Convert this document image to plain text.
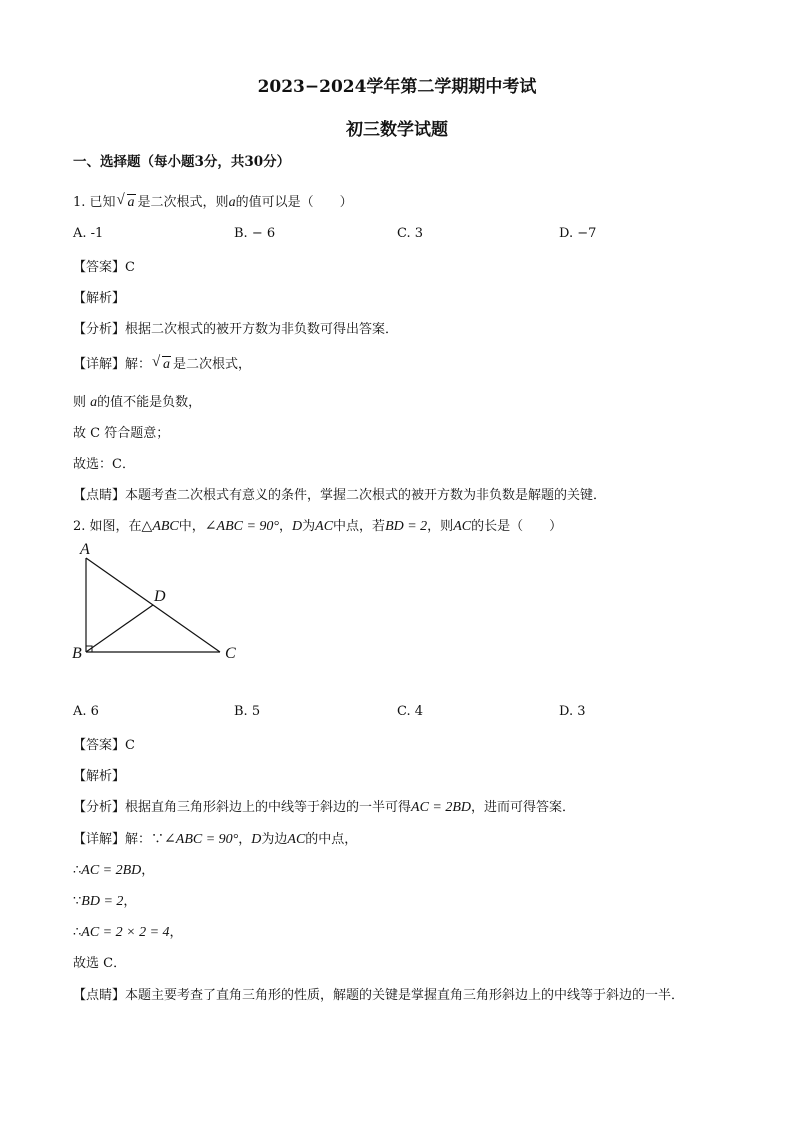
2023−2024学年第二学期期中考试
初三数学试题
一、选择题（每小题3分，共30分）
1. 已知 √ a 是二次根式，则a的值可以是（　　）
A. -1	B. − 6	C. 3	D. −7
【答案】C
【解析】
【分析】根据二次根式的被开方数为非负数可得出答案．
【详解】解： √ a 是二次根式，
则 a的值不能是负数，
故 C 符合题意；
故选：C．
【点睛】本题考查二次根式有意义的条件，掌握二次根式的被开方数为非负数是解题的关键．
2. 如图，在△ABC中，∠ABC = 90°，D为AC中点，若BD = 2，则AC的长是（　　）
A
B	C
D
A. 6	B. 5	C. 4	D. 3
【答案】C
【解析】
【分析】根据直角三角形斜边上的中线等于斜边的一半可得AC = 2BD，进而可得答案．
【详解】解：∵∠ABC = 90°，D为边AC的中点，
∴AC = 2BD，
∵BD = 2，
∴AC = 2 × 2 = 4，
故选 C．
【点睛】本题主要考查了直角三角形的性质，解题的关键是掌握直角三角形斜边上的中线等于斜边的一半．
